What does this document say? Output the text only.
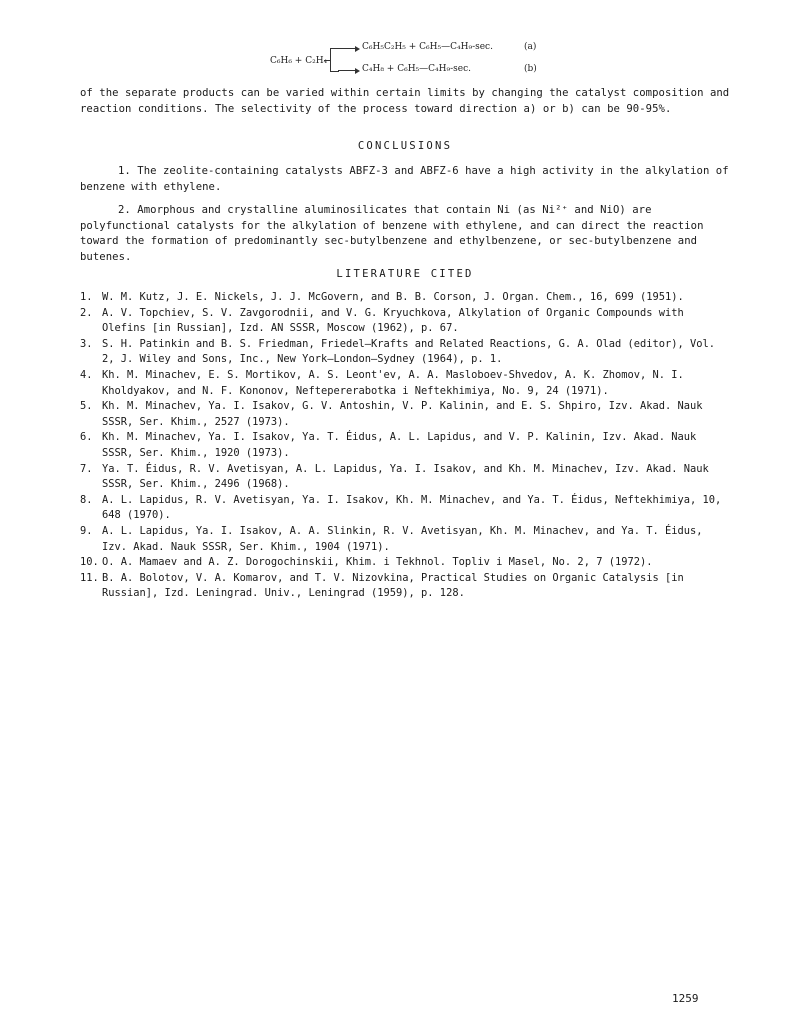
C₆H₆ + C₂H₄
C₆H₅C₂H₅ + C₆H₅—C₄H₉-sec.
C₄H₈ + C₆H₅—C₄H₉-sec.
(a)
(b)

of the separate products can be varied within certain limits by changing the catalyst composition and reaction conditions. The selectivity of the process toward direction a) or b) can be 90-95%.

CONCLUSIONS

1. The zeolite-containing catalysts ABFZ-3 and ABFZ-6 have a high activity in the alkylation of benzene with ethylene.

2. Amorphous and crystalline aluminosilicates that contain Ni (as Ni²⁺ and NiO) are polyfunctional catalysts for the alkylation of benzene with ethylene, and can direct the reaction toward the formation of predominantly sec-butylbenzene and ethylbenzene, or sec-butylbenzene and butenes.

LITERATURE CITED
1. W. M. Kutz, J. E. Nickels, J. J. McGovern, and B. B. Corson, J. Organ. Chem., 16, 699 (1951).
2. A. V. Topchiev, S. V. Zavgorodnii, and V. G. Kryuchkova, Alkylation of Organic Compounds with Olefins [in Russian], Izd. AN SSSR, Moscow (1962), p. 67.
3. S. H. Patinkin and B. S. Friedman, Friedel–Krafts and Related Reactions, G. A. Olad (editor), Vol. 2, J. Wiley and Sons, Inc., New York–London–Sydney (1964), p. 1.
4. Kh. M. Minachev, E. S. Mortikov, A. S. Leont'ev, A. A. Masloboev-Shvedov, A. K. Zhomov, N. I. Kholdyakov, and N. F. Kononov, Neftepererabotka i Neftekhimiya, No. 9, 24 (1971).
5. Kh. M. Minachev, Ya. I. Isakov, G. V. Antoshin, V. P. Kalinin, and E. S. Shpiro, Izv. Akad. Nauk SSSR, Ser. Khim., 2527 (1973).
6. Kh. M. Minachev, Ya. I. Isakov, Ya. T. Éidus, A. L. Lapidus, and V. P. Kalinin, Izv. Akad. Nauk SSSR, Ser. Khim., 1920 (1973).
7. Ya. T. Éidus, R. V. Avetisyan, A. L. Lapidus, Ya. I. Isakov, and Kh. M. Minachev, Izv. Akad. Nauk SSSR, Ser. Khim., 2496 (1968).
8. A. L. Lapidus, R. V. Avetisyan, Ya. I. Isakov, Kh. M. Minachev, and Ya. T. Éidus, Neftekhimiya, 10, 648 (1970).
9. A. L. Lapidus, Ya. I. Isakov, A. A. Slinkin, R. V. Avetisyan, Kh. M. Minachev, and Ya. T. Éidus, Izv. Akad. Nauk SSSR, Ser. Khim., 1904 (1971).
10. O. A. Mamaev and A. Z. Dorogochinskii, Khim. i Tekhnol. Topliv i Masel, No. 2, 7 (1972).
11. B. A. Bolotov, V. A. Komarov, and T. V. Nizovkina, Practical Studies on Organic Catalysis [in Russian], Izd. Leningrad. Univ., Leningrad (1959), p. 128.
1259
